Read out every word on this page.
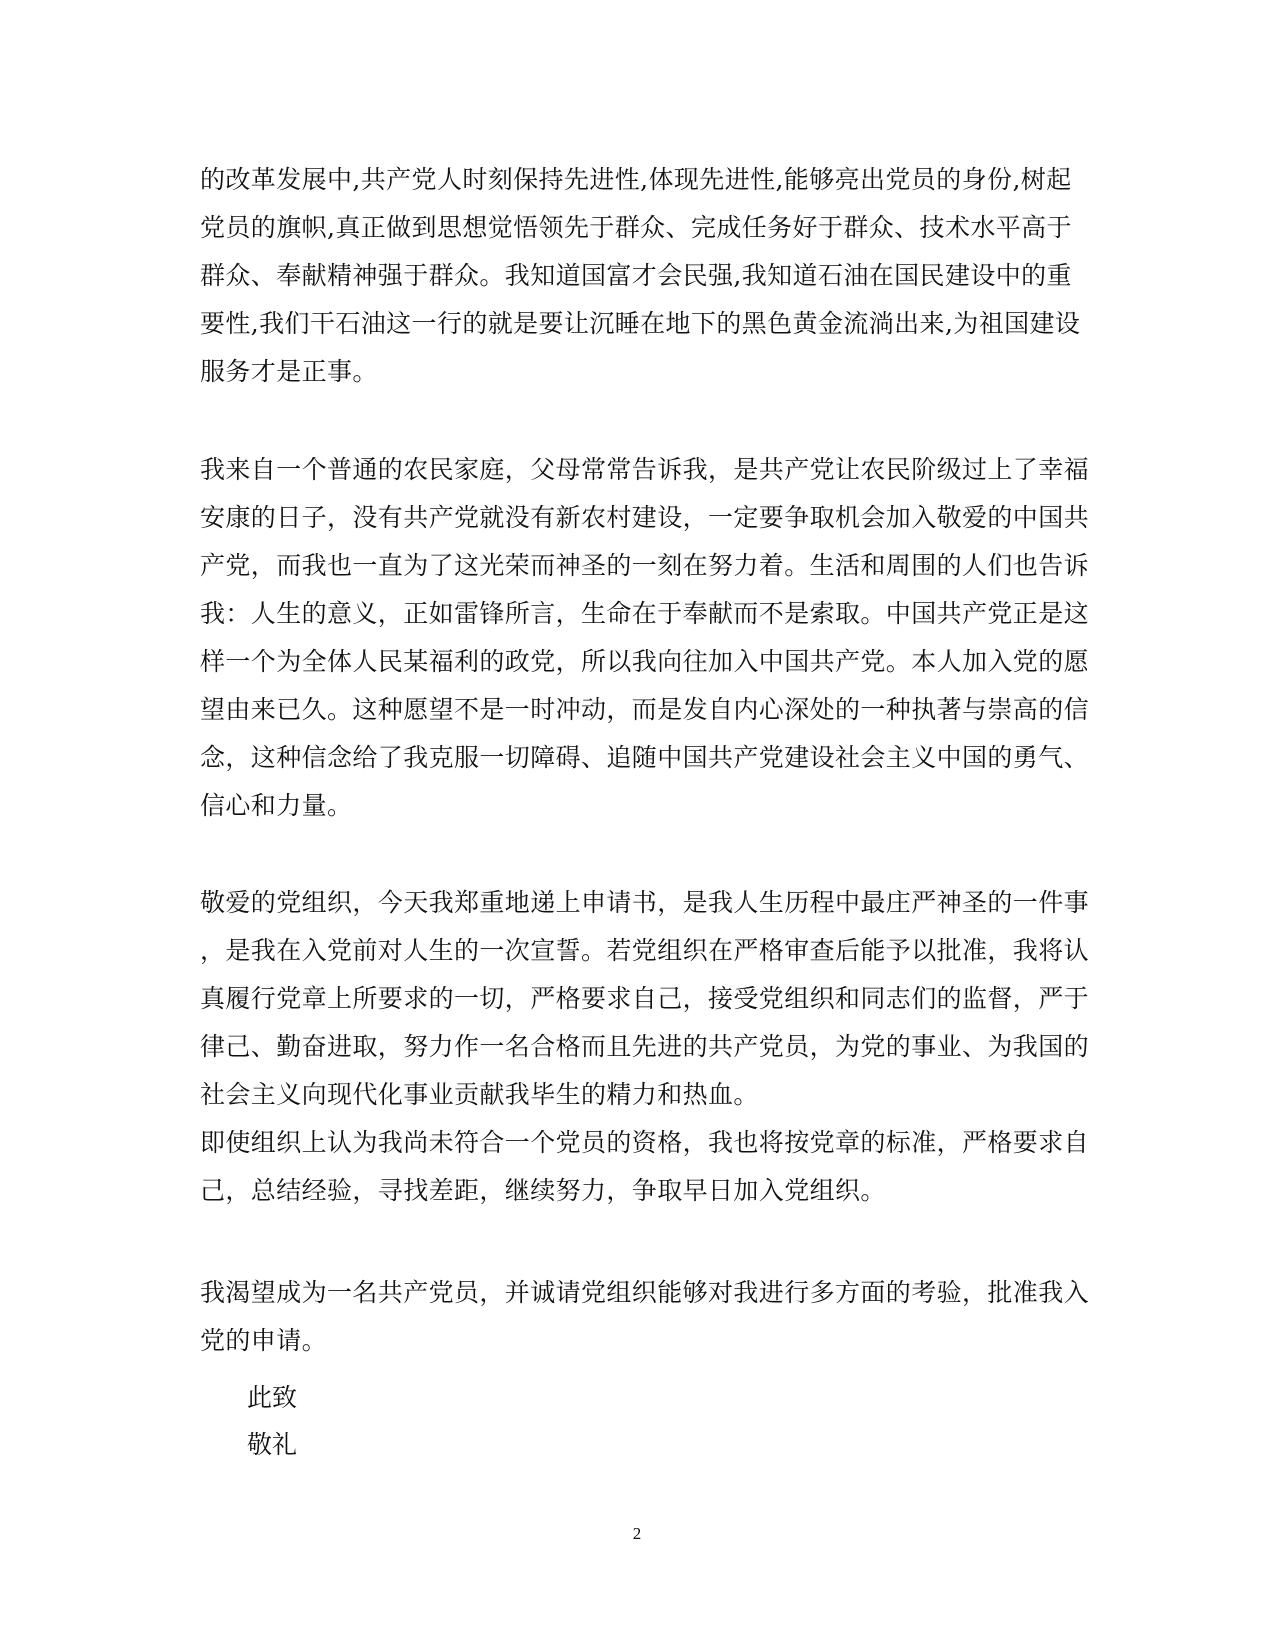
的改革发展中,共产党人时刻保持先进性,体现先进性,能够亮出党员的身份,树起
党员的旗帜,真正做到思想觉悟领先于群众、完成任务好于群众、技术水平高于
群众、奉献精神强于群众。我知道国富才会民强,我知道石油在国民建设中的重
要性,我们干石油这一行的就是要让沉睡在地下的黑色黄金流淌出来,为祖国建设
服务才是正事。
我来自一个普通的农民家庭，父母常常告诉我，是共产党让农民阶级过上了幸福
安康的日子，没有共产党就没有新农村建设，一定要争取机会加入敬爱的中国共
产党，而我也一直为了这光荣而神圣的一刻在努力着。生活和周围的人们也告诉
我：人生的意义，正如雷锋所言，生命在于奉献而不是索取。中国共产党正是这
样一个为全体人民某福利的政党，所以我向往加入中国共产党。本人加入党的愿
望由来已久。这种愿望不是一时冲动，而是发自内心深处的一种执著与崇高的信
念，这种信念给了我克服一切障碍、追随中国共产党建设社会主义中国的勇气、
信心和力量。
敬爱的党组织，今天我郑重地递上申请书，是我人生历程中最庄严神圣的一件事
，是我在入党前对人生的一次宣誓。若党组织在严格审查后能予以批准，我将认
真履行党章上所要求的一切，严格要求自己，接受党组织和同志们的监督，严于
律己、勤奋进取，努力作一名合格而且先进的共产党员，为党的事业、为我国的
社会主义向现代化事业贡献我毕生的精力和热血。
即使组织上认为我尚未符合一个党员的资格，我也将按党章的标准，严格要求自
己，总结经验，寻找差距，继续努力，争取早日加入党组织。
我渴望成为一名共产党员，并诚请党组织能够对我进行多方面的考验，批准我入
党的申请。
此致
敬礼
2
